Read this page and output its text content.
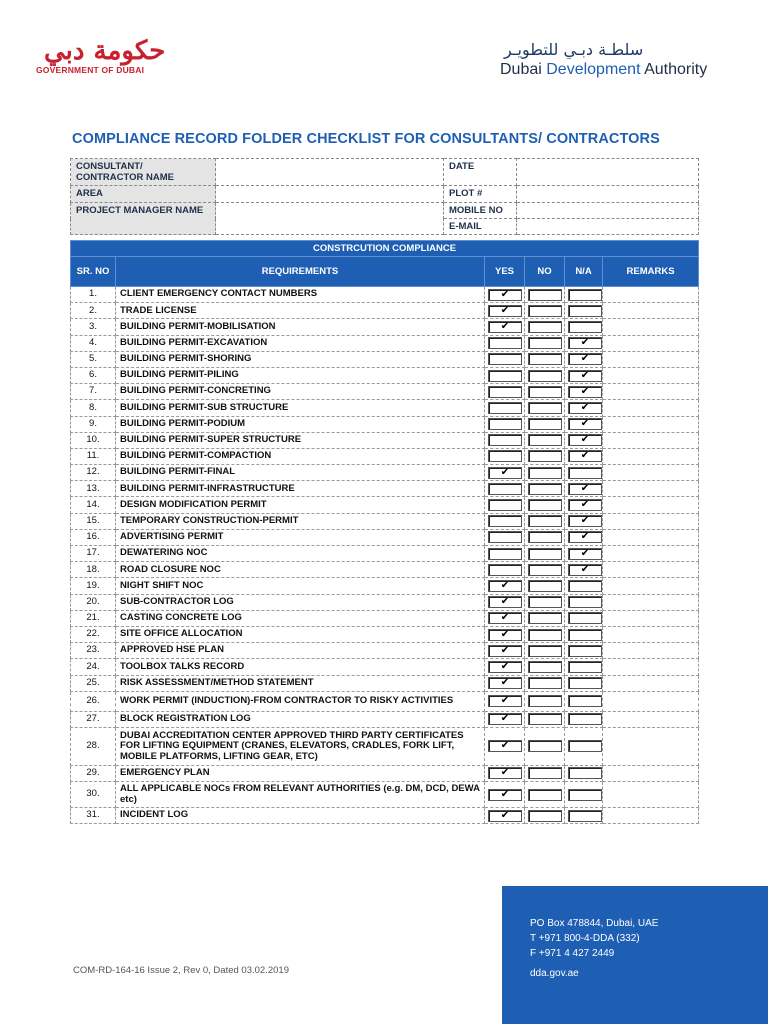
حكومة دبي
GOVERNMENT OF DUBAI
سلطـة دبـي للتطويـر
Dubai Development Authority
COMPLIANCE RECORD FOLDER CHECKLIST FOR CONSULTANTS/ CONTRACTORS
CONSULTANT/ CONTRACTOR NAME		DATE	
AREA		PLOT #	
PROJECT MANAGER NAME		MOBILE NO	
		E-MAIL	
CONSTRCUTION COMPLIANCE					
SR. NO	REQUIREMENTS	YES	NO	N/A	REMARKS
1.	CLIENT EMERGENCY CONTACT NUMBERS	✔			

2.	TRADE LICENSE	✔			

3.	BUILDING PERMIT-MOBILISATION	✔			

4.	BUILDING PERMIT-EXCAVATION			✔	

5.	BUILDING PERMIT-SHORING			✔	

6.	BUILDING PERMIT-PILING			✔	

7.	BUILDING PERMIT-CONCRETING			✔	

8.	BUILDING PERMIT-SUB STRUCTURE			✔	

9.	BUILDING PERMIT-PODIUM			✔	

10.	BUILDING PERMIT-SUPER STRUCTURE			✔	

11.	BUILDING PERMIT-COMPACTION			✔	

12.	BUILDING PERMIT-FINAL	✔			

13.	BUILDING PERMIT-INFRASTRUCTURE			✔	

14.	DESIGN MODIFICATION PERMIT			✔	

15.	TEMPORARY CONSTRUCTION-PERMIT			✔	

16.	ADVERTISING PERMIT			✔	

17.	DEWATERING NOC			✔	

18.	ROAD CLOSURE NOC			✔	

19.	NIGHT SHIFT NOC	✔			

20.	SUB-CONTRACTOR LOG	✔			

21.	CASTING CONCRETE LOG	✔			

22.	SITE OFFICE ALLOCATION	✔			

23.	APPROVED HSE PLAN	✔			

24.	TOOLBOX TALKS RECORD	✔			

25.	RISK ASSESSMENT/METHOD STATEMENT	✔			

26.	WORK PERMIT (INDUCTION)-FROM CONTRACTOR TO RISKY ACTIVITIES	✔			

27.	BLOCK REGISTRATION LOG	✔			

28.	DUBAI ACCREDITATION CENTER APPROVED THIRD PARTY CERTIFICATES FOR LIFTING EQUIPMENT (CRANES, ELEVATORS, CRADLES, FORK LIFT, MOBILE PLATFORMS, LIFTING GEAR, ETC)	✔			

29.	EMERGENCY PLAN	✔			

30.	ALL APPLICABLE NOCs FROM RELEVANT AUTHORITIES (e.g. DM, DCD, DEWA etc)	✔			

31.	INCIDENT LOG	✔			

COM-RD-164-16 Issue 2, Rev 0, Dated 03.02.2019
PO Box 478844, Dubai, UAE
T +971 800-4-DDA (332)
F +971 4 427 2449
dda.gov.ae
